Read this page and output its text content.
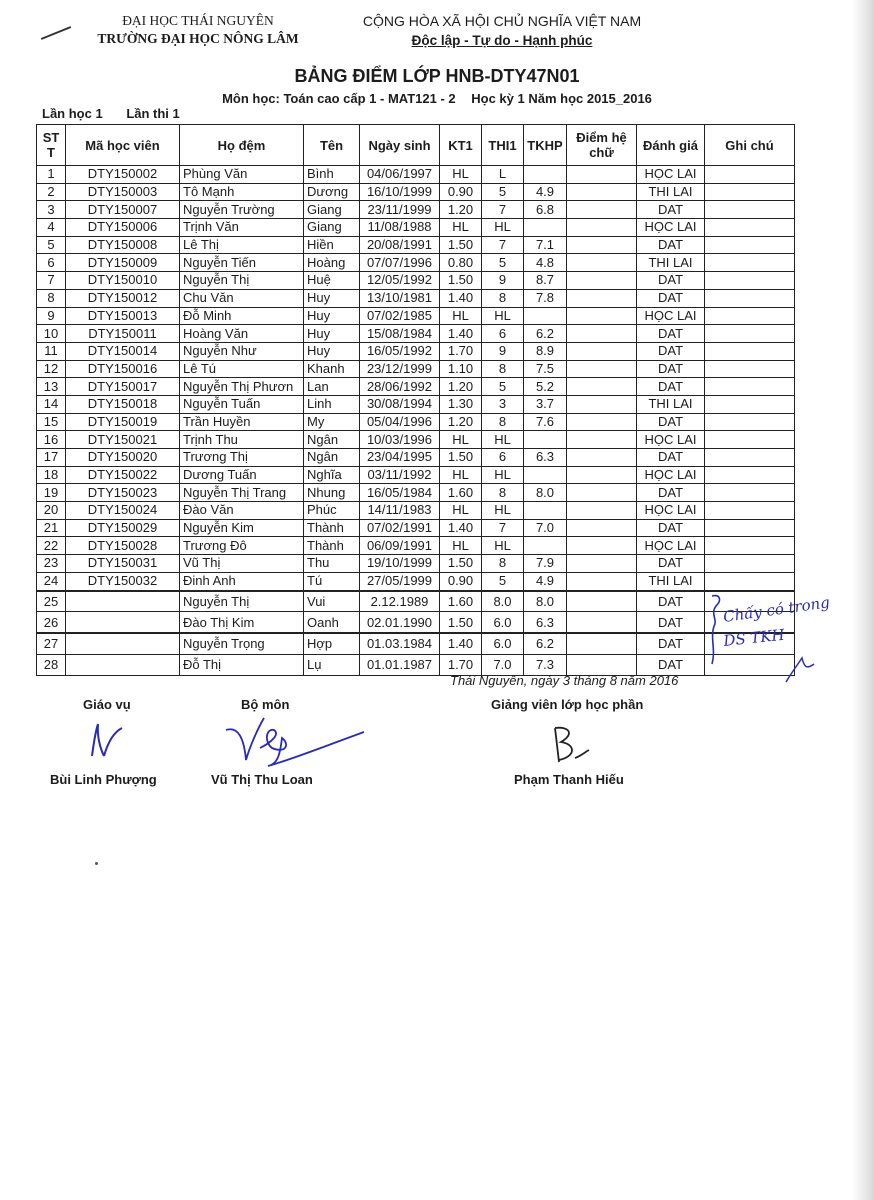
ĐẠI HỌC THÁI NGUYÊN
TRƯỜNG ĐẠI HỌC NÔNG LÂM
CỘNG HÒA XÃ HỘI CHỦ NGHĨA VIỆT NAM
Độc lập - Tự do - Hạnh phúc
BẢNG ĐIỂM LỚP HNB-DTY47N01
Môn học: Toán cao cấp 1 - MAT121 - 2 Học kỳ 1 Năm học 2015_2016
Lần học 1 Lần thi 1
ST T	Mã học viên	Họ đệm	Tên	Ngày sinh	KT1	THI1	TKHP	Điểm hệ chữ	Đánh giá	Ghi chú
1	DTY150002	Phùng Văn	Bình	04/06/1997	HL	L			HỌC LAI	
2	DTY150003	Tô Mạnh	Dương	16/10/1999	0.90	5	4.9		THI LAI	
3	DTY150007	Nguyễn Trường	Giang	23/11/1999	1.20	7	6.8		DAT	
4	DTY150006	Trịnh Văn	Giang	11/08/1988	HL	HL			HỌC LAI	
5	DTY150008	Lê Thị	Hiền	20/08/1991	1.50	7	7.1		DAT	
6	DTY150009	Nguyễn Tiến	Hoàng	07/07/1996	0.80	5	4.8		THI LAI	
7	DTY150010	Nguyễn Thị	Huệ	12/05/1992	1.50	9	8.7		DAT	
8	DTY150012	Chu Văn	Huy	13/10/1981	1.40	8	7.8		DAT	
9	DTY150013	Đỗ Minh	Huy	07/02/1985	HL	HL			HỌC LAI	
10	DTY150011	Hoàng Văn	Huy	15/08/1984	1.40	6	6.2		DAT	
11	DTY150014	Nguyễn Như	Huy	16/05/1992	1.70	9	8.9		DAT	
12	DTY150016	Lê Tú	Khanh	23/12/1999	1.10	8	7.5		DAT	
13	DTY150017	Nguyễn Thị Phươn	Lan	28/06/1992	1.20	5	5.2		DAT	
14	DTY150018	Nguyễn Tuấn	Linh	30/08/1994	1.30	3	3.7		THI LAI	
15	DTY150019	Trần Huyền	My	05/04/1996	1.20	8	7.6		DAT	
16	DTY150021	Trịnh Thu	Ngân	10/03/1996	HL	HL			HỌC LAI	
17	DTY150020	Trương Thị	Ngân	23/04/1995	1.50	6	6.3		DAT	
18	DTY150022	Dương Tuấn	Nghĩa	03/11/1992	HL	HL			HỌC LAI	
19	DTY150023	Nguyễn Thị Trang	Nhung	16/05/1984	1.60	8	8.0		DAT	
20	DTY150024	Đào Văn	Phúc	14/11/1983	HL	HL			HỌC LAI	
21	DTY150029	Nguyễn Kim	Thành	07/02/1991	1.40	7	7.0		DAT	
22	DTY150028	Trương Đô	Thành	06/09/1991	HL	HL			HỌC LAI	
23	DTY150031	Vũ Thị	Thu	19/10/1999	1.50	8	7.9		DAT	
24	DTY150032	Đinh Anh	Tú	27/05/1999	0.90	5	4.9		THI LAI	
25		Nguyễn Thị	Vui	2.12.1989	1.60	8.0	8.0		DAT	
26		Đào Thị Kim	Oanh	02.01.1990	1.50	6.0	6.3		DAT	
27		Nguyễn Trọng	Hợp	01.03.1984	1.40	6.0	6.2		DAT	
28		Đỗ Thị	Lụ	01.01.1987	1.70	7.0	7.3		DAT	
Thái Nguyên, ngày 3 tháng 8 năm 2016
Giáo vụ	Bộ môn	Giảng viên lớp học phần
Bùi Linh Phượng	Vũ Thị Thu Loan	Phạm Thanh Hiếu
Chấy có trong DS TKH
Chấy có trong
DS TKH
